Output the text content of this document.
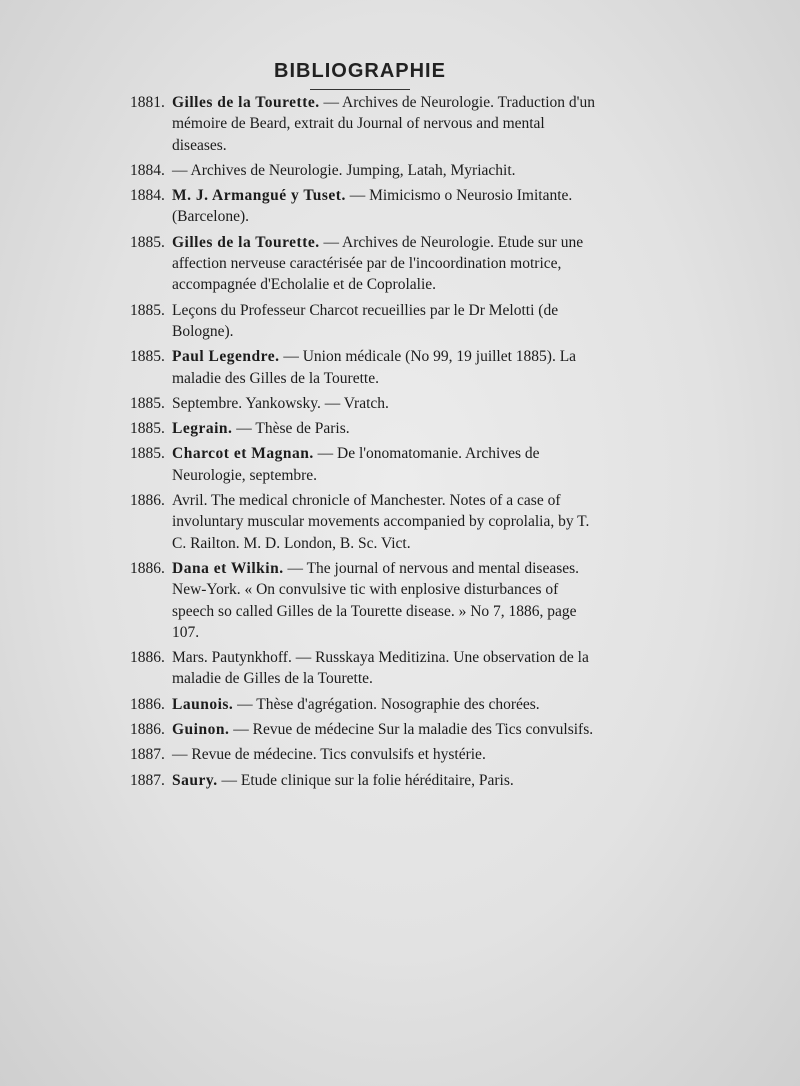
BIBLIOGRAPHIE
1881. Gilles de la Tourette. — Archives de Neurologie. Traduction d'un mémoire de Beard, extrait du Journal of nervous and mental diseases.
1884. — Archives de Neurologie. Jumping, Latah, Myriachit.
1884. M. J. Armangué y Tuset. — Mimicismo o Neurosio Imitante. (Barcelone).
1885. Gilles de la Tourette. — Archives de Neurologie. Etude sur une affection nerveuse caractérisée par de l'incoordination motrice, accompagnée d'Echolalie et de Coprolalie.
1885. Leçons du Professeur Charcot recueillies par le Dr Melotti (de Bologne).
1885. Paul Legendre. — Union médicale (No 99, 19 juillet 1885). La maladie des Gilles de la Tourette.
1885. Septembre. Yankowsky. — Vratch.
1885. Legrain. — Thèse de Paris.
1885. Charcot et Magnan. — De l'onomatomanie. Archives de Neurologie, septembre.
1886. Avril. The medical chronicle of Manchester. Notes of a case of involuntary muscular movements accompanied by coprolalia, by T. C. Railton. M. D. London, B. Sc. Vict.
1886. Dana et Wilkin. — The journal of nervous and mental diseases. New-York. « On convulsive tic with enplosive disturbances of speech so called Gilles de la Tourette disease. » No 7, 1886, page 107.
1886. Mars. Pautynkhoff. — Russkaya Meditizina. Une observation de la maladie de Gilles de la Tourette.
1886. Launois. — Thèse d'agrégation. Nosographie des chorées.
1886. Guinon. — Revue de médecine Sur la maladie des Tics convulsifs.
1887. — Revue de médecine. Tics convulsifs et hystérie.
1887. Saury. — Etude clinique sur la folie héréditaire, Paris.
